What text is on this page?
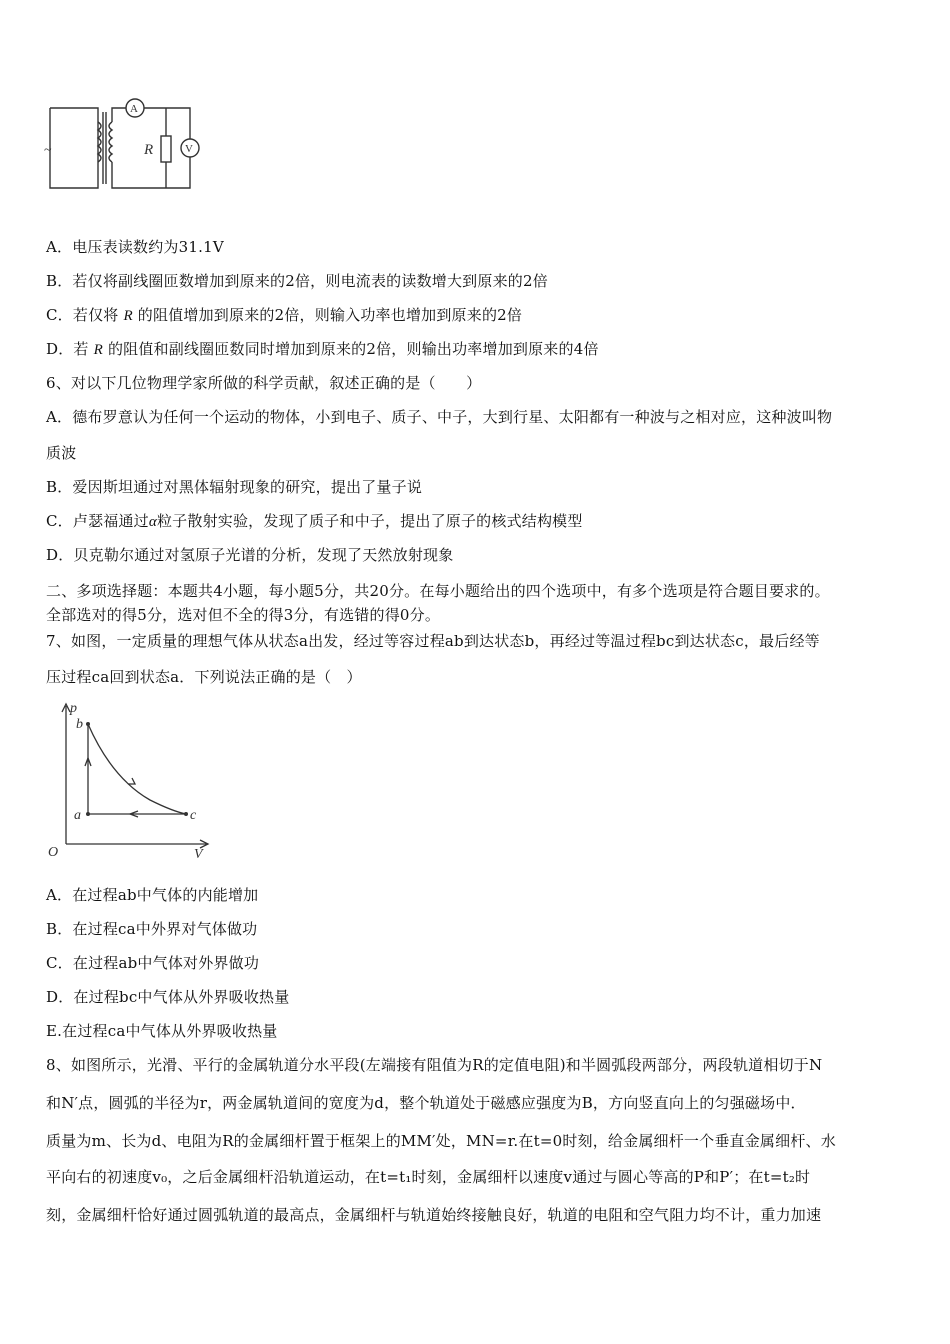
~
A
V
R
A．电压表读数约为31.1V
B．若仅将副线圈匝数增加到原来的2倍，则电流表的读数增大到原来的2倍
C．若仅将 R 的阻值增加到原来的2倍，则输入功率也增加到原来的2倍
D．若 R 的阻值和副线圈匝数同时增加到原来的2倍，则输出功率增加到原来的4倍
6、对以下几位物理学家所做的科学贡献，叙述正确的是（　　）
A．德布罗意认为任何一个运动的物体，小到电子、质子、中子，大到行星、太阳都有一种波与之相对应，这种波叫物
质波
B．爱因斯坦通过对黑体辐射现象的研究，提出了量子说
C．卢瑟福通过α粒子散射实验，发现了质子和中子，提出了原子的核式结构模型
D．贝克勒尔通过对氢原子光谱的分析，发现了天然放射现象
二、多项选择题：本题共4小题，每小题5分，共20分。在每小题给出的四个选项中，有多个选项是符合题目要求的。
全部选对的得5分，选对但不全的得3分，有选错的得0分。
7、如图，一定质量的理想气体从状态a出发，经过等容过程ab到达状态b，再经过等温过程bc到达状态c，最后经等
压过程ca回到状态a．下列说法正确的是（　）
p
V
O
b
a	c
A．在过程ab中气体的内能增加
B．在过程ca中外界对气体做功
C．在过程ab中气体对外界做功
D．在过程bc中气体从外界吸收热量
E.在过程ca中气体从外界吸收热量
8、如图所示，光滑、平行的金属轨道分水平段(左端接有阻值为R的定值电阻)和半圆弧段两部分，两段轨道相切于N
和N′点，圆弧的半径为r，两金属轨道间的宽度为d，整个轨道处于磁感应强度为B，方向竖直向上的匀强磁场中．
质量为m、长为d、电阻为R的金属细杆置于框架上的MM′处，MN=r.在t=0时刻，给金属细杆一个垂直金属细杆、水
平向右的初速度v₀，之后金属细杆沿轨道运动，在t=t₁时刻，金属细杆以速度v通过与圆心等高的P和P′；在t=t₂时
刻，金属细杆恰好通过圆弧轨道的最高点，金属细杆与轨道始终接触良好，轨道的电阻和空气阻力均不计，重力加速
